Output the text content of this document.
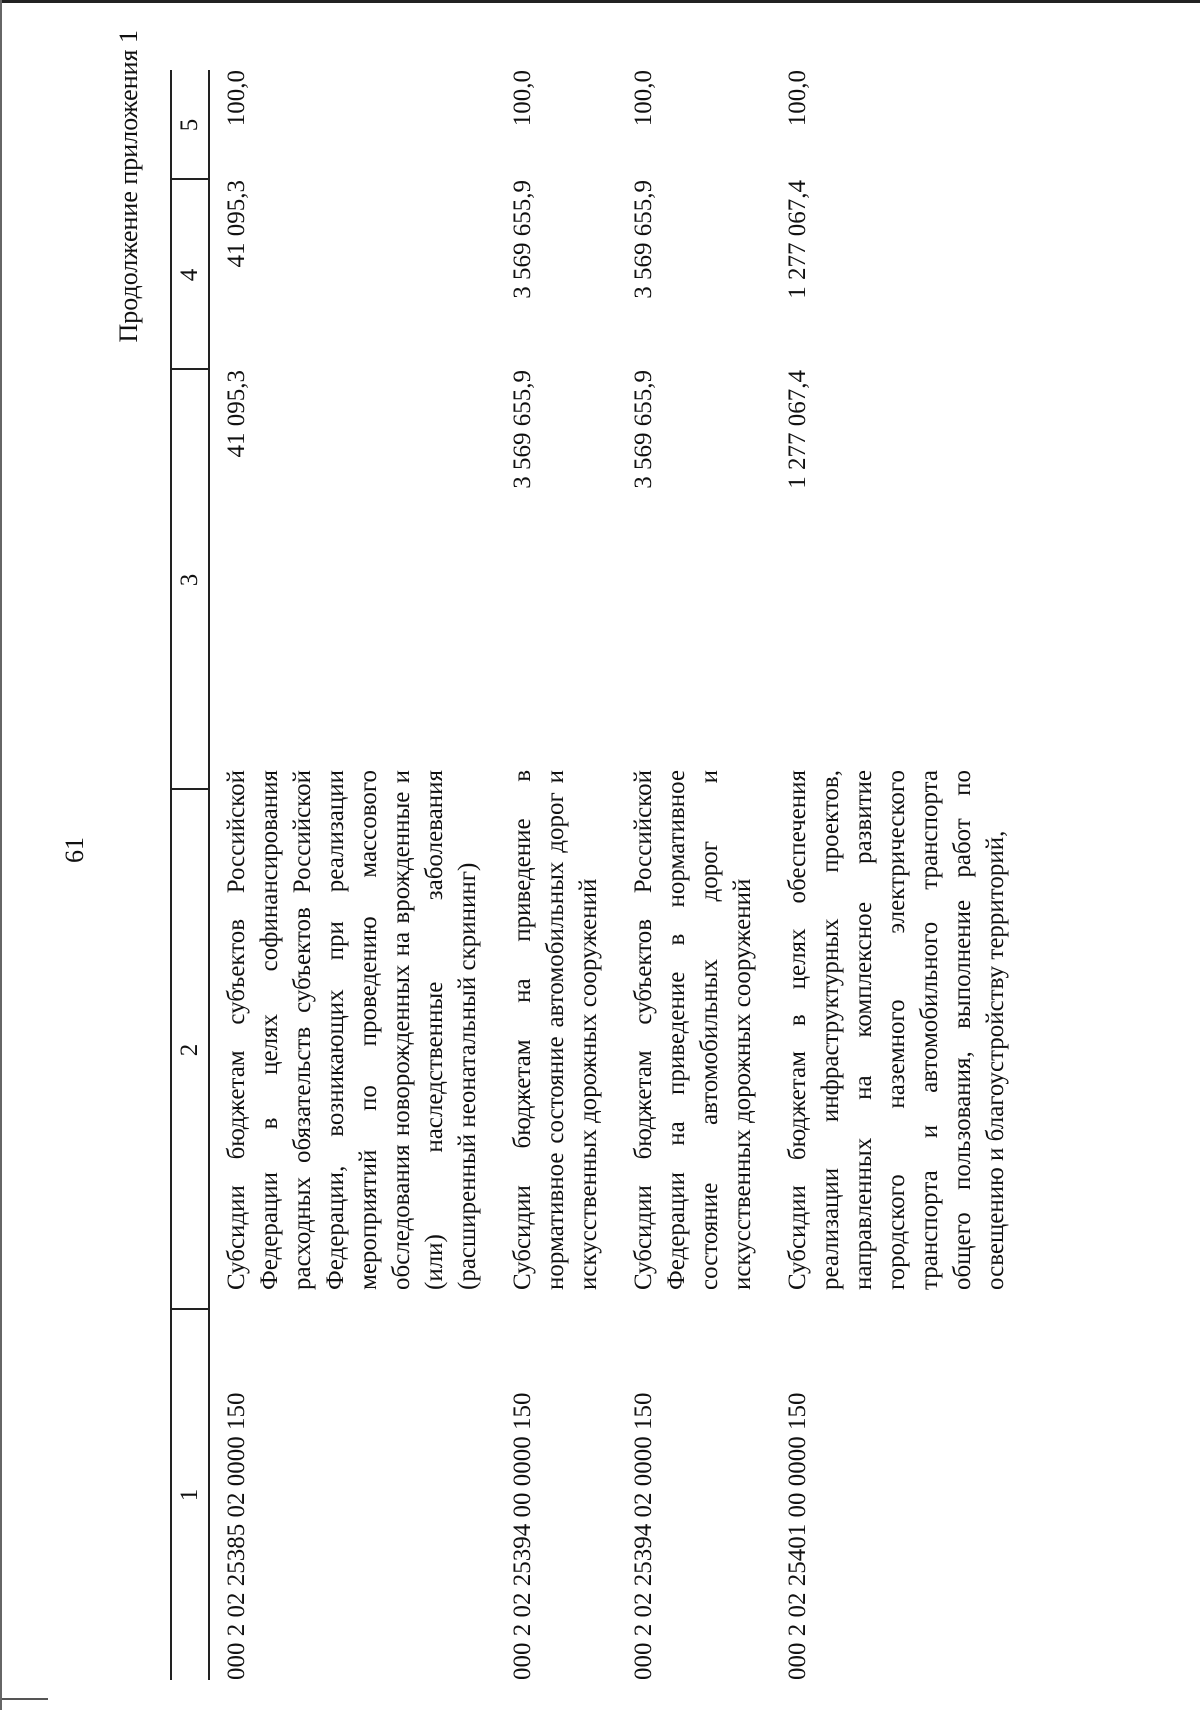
61
Продолжение приложения 1
1
2
3
4
5
000 2 02 25385 02 0000 150
Субсидии бюджетам субъектов Российской Федерации в целях софинансирования расходных обязательств субъектов Российской Федерации, возникающих при реализации мероприятий по проведению массового обследования новорожденных на врожденные и (или) наследственные заболевания (расширенный неонатальный скрининг)
41 095,3
41 095,3
100,0
000 2 02 25394 00 0000 150
Субсидии бюджетам на приведение в нормативное состояние автомобильных дорог и искусственных дорожных сооружений
3 569 655,9
3 569 655,9
100,0
000 2 02 25394 02 0000 150
Субсидии бюджетам субъектов Российской Федерации на приведение в нормативное состояние автомобильных дорог и искусственных дорожных сооружений
3 569 655,9
3 569 655,9
100,0
000 2 02 25401 00 0000 150
Субсидии бюджетам в целях обеспечения реализации инфраструктурных проектов, направленных на комплексное развитие городского наземного электрического транспорта и автомобильного транспорта общего пользования, выполнение работ по освещению и благоустройству территорий,
1 277 067,4
1 277 067,4
100,0
